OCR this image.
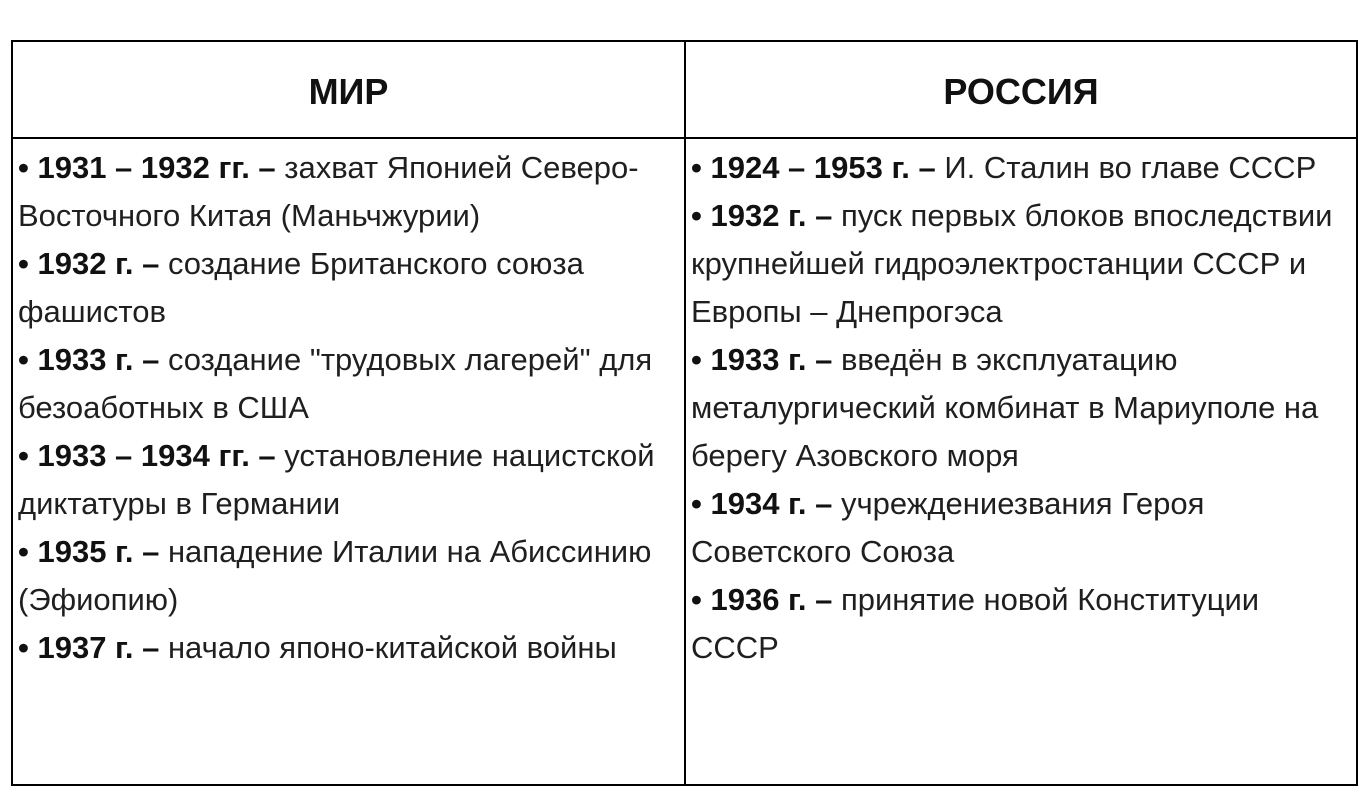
МИР	РОССИЯ
• 1931 – 1932 гг. – захват Японией Северо-Восточного Китая (Маньчжурии)
• 1932 г. – создание Британского союза фашистов
• 1933 г. – создание "трудовых лагерей" для безоаботных в США
• 1933 – 1934 гг. – установление нацистской диктатуры в Германии
• 1935 г. – нападение Италии на Абиссинию (Эфиопию)
• 1937 г. – начало японо-китайской войны
• 1924 – 1953 г. – И. Сталин во главе СССР
• 1932 г. – пуск первых блоков впоследствии крупнейшей гидроэлектростанции СССР и Европы – Днепрогэса
• 1933 г. – введён в эксплуатацию металургический комбинат в Мариуполе на берегу Азовского моря
• 1934 г. – учреждениезвания Героя Советского Союза
• 1936 г. – принятие новой Конституции СССР
